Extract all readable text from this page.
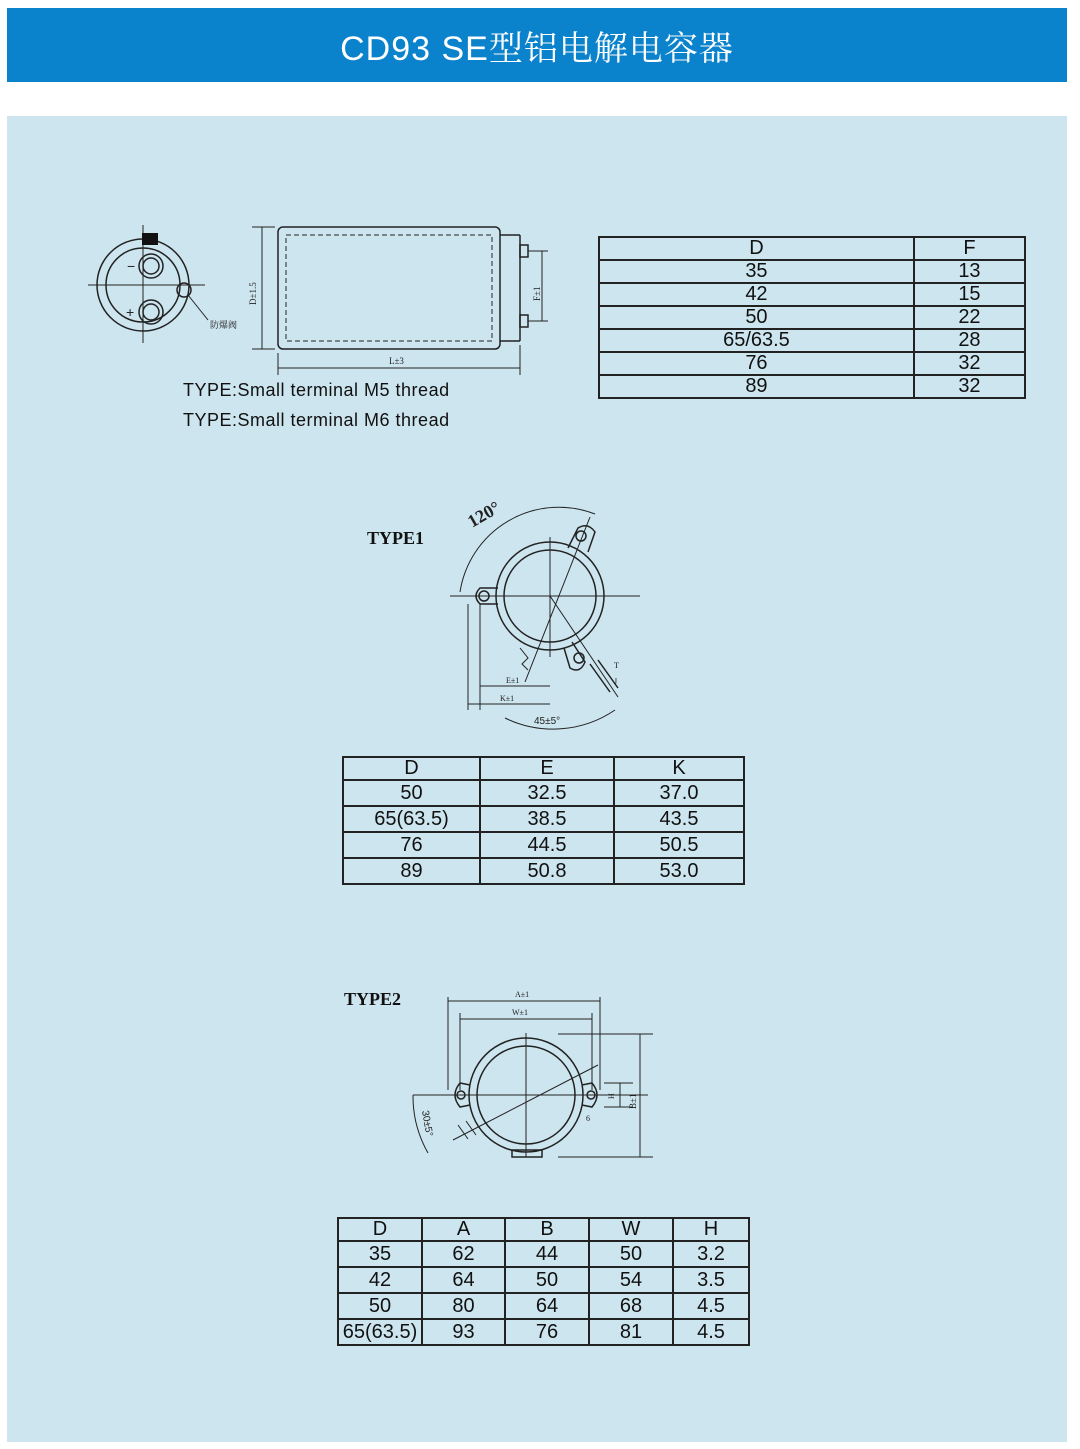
CD93 SE型铝电解电容器
−
+
防爆阀
D±1.5	F±1
L±3
TYPE:Small terminal M5 thread
TYPE:Small terminal M6 thread
D	F
35	13
42	15
50	22
65/63.5	28
76	32
89	32
TYPE1
120°
45±5°
E±1
K±1
T
J
D	E	K
50	32.5	37.0
65(63.5)	38.5	43.5
76	44.5	50.5
89	50.8	53.0
TYPE2	A±1
W±1
B±1
H
6
30±5°
D	A	B	W	H
35	62	44	50	3.2
42	64	50	54	3.5
50	80	64	68	4.5
65(63.5)	93	76	81	4.5
